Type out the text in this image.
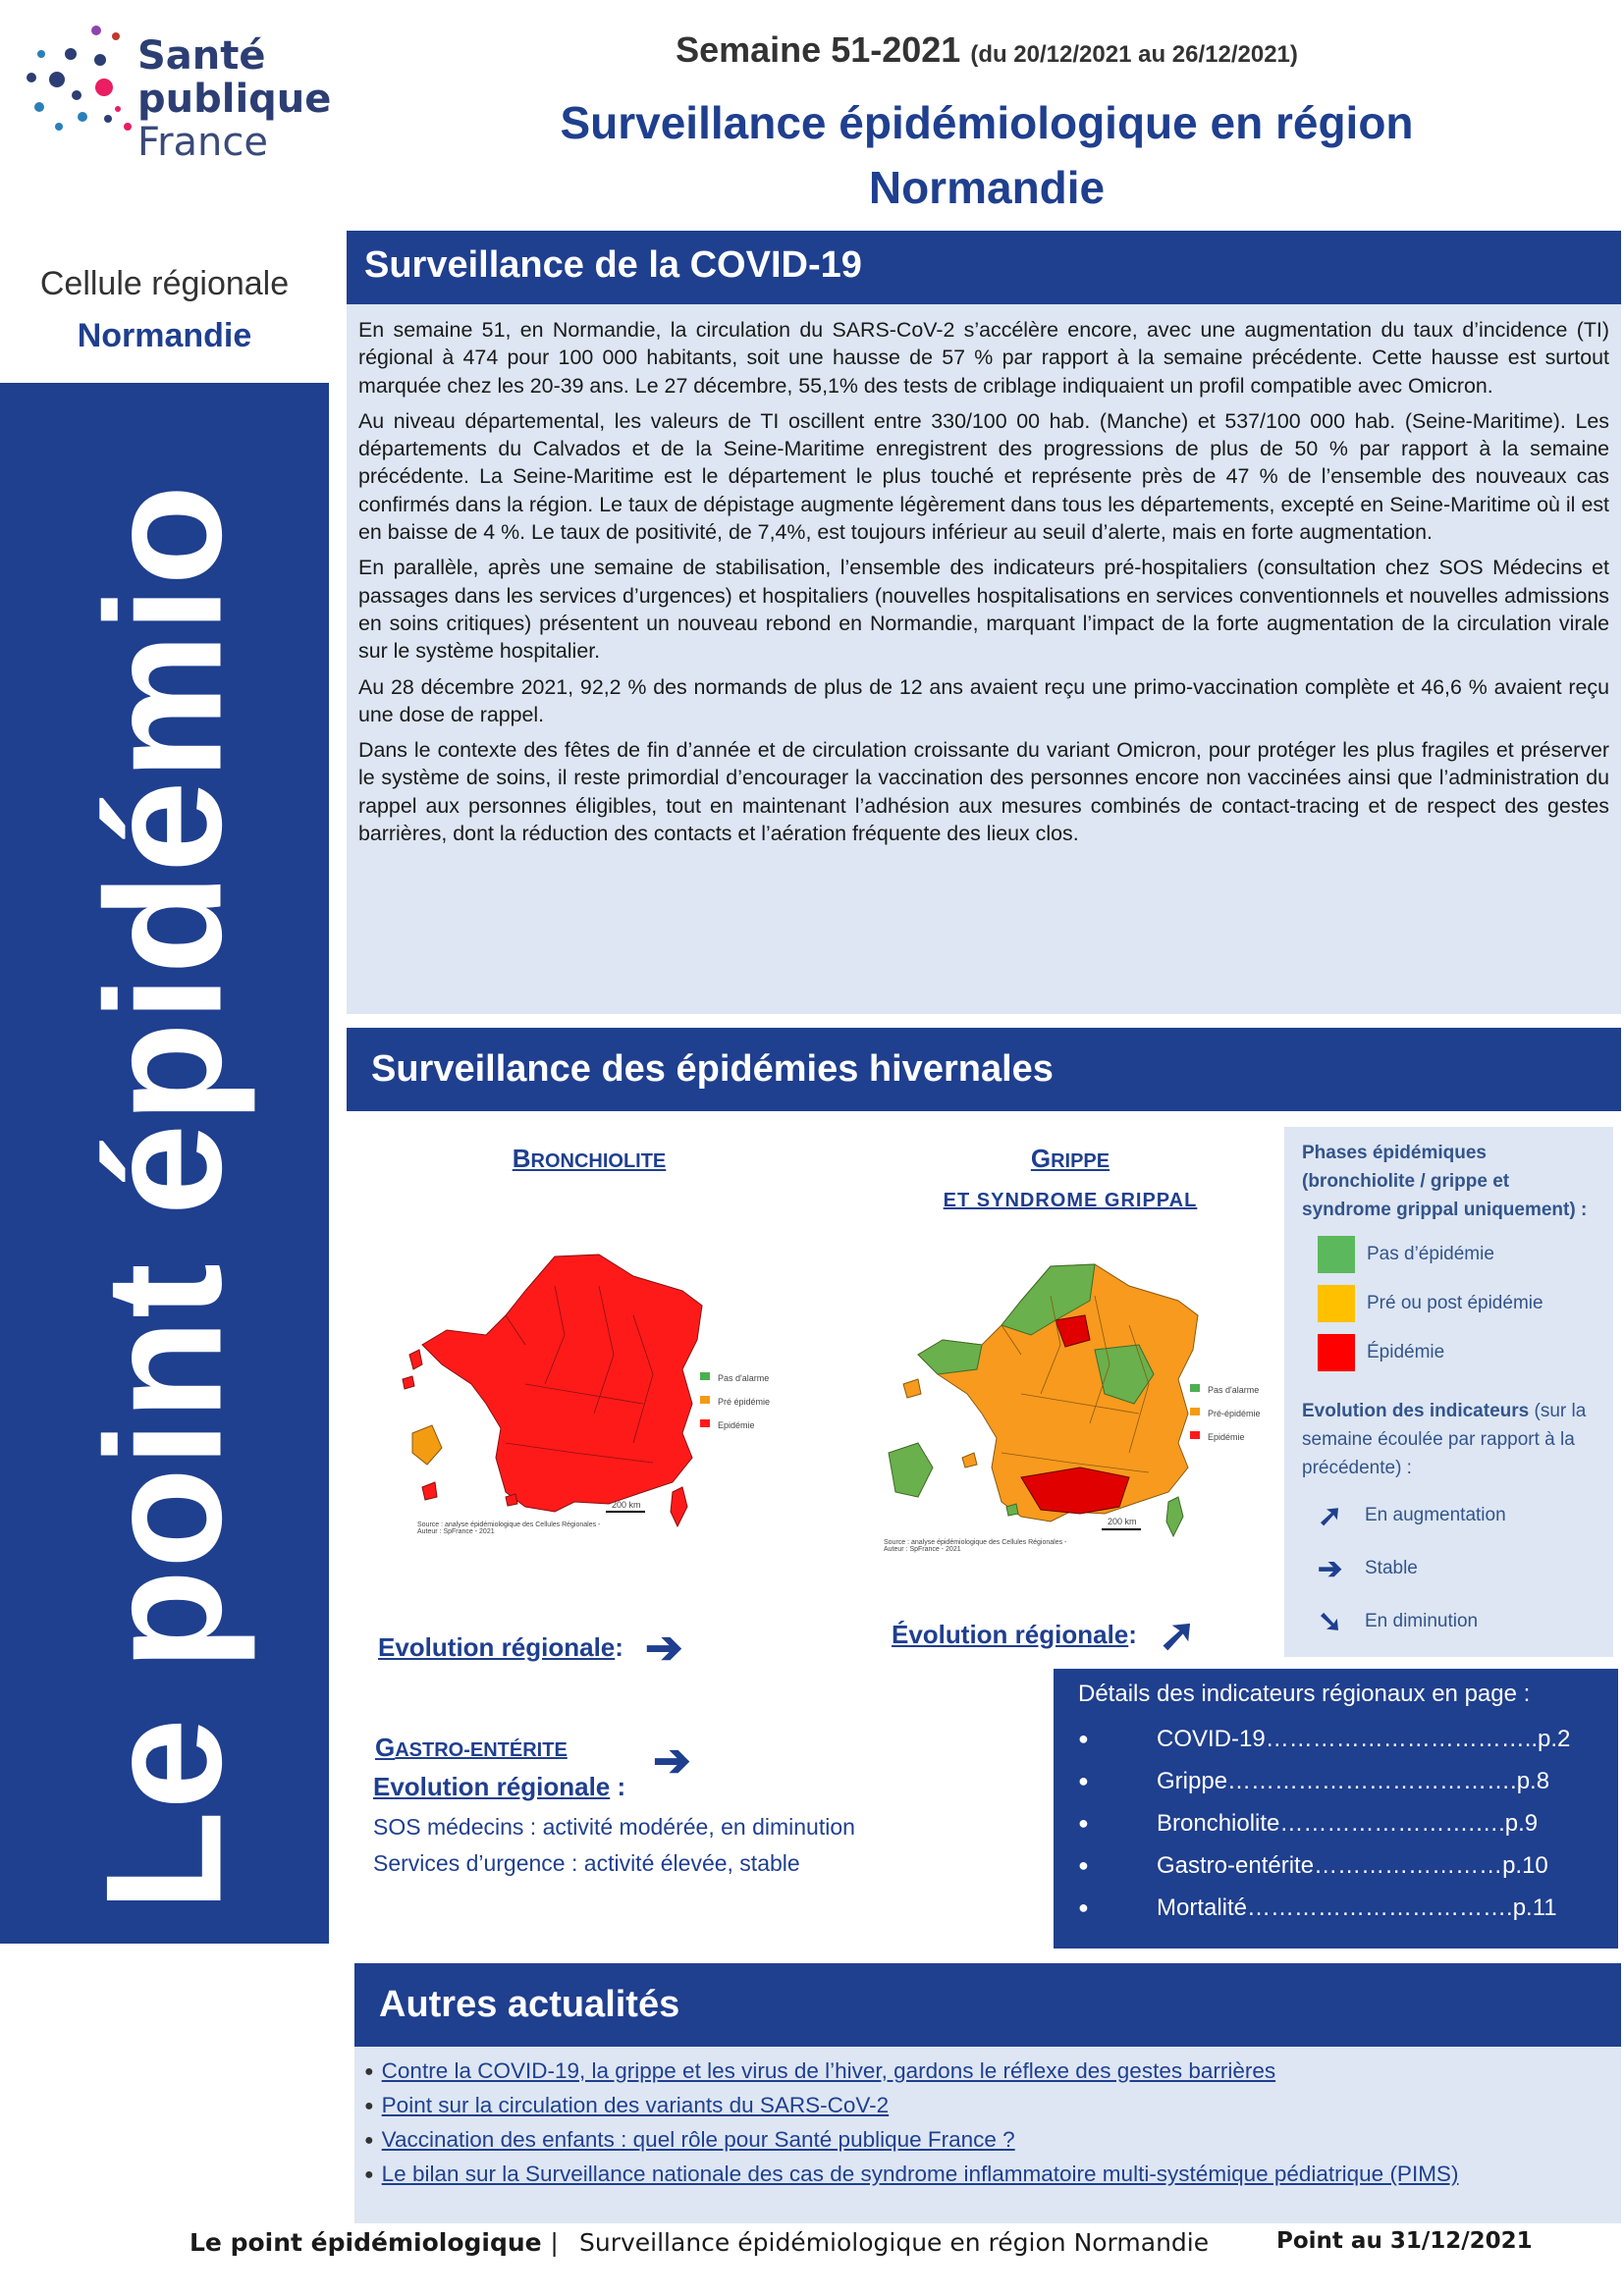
Santé
publique
France
Semaine 51-2021 (du 20/12/2021 au 26/12/2021)
Surveillance épidémiologique en région
Normandie
Cellule régionale
Normandie
Le point épidémio
Surveillance de la COVID-19

En semaine 51, en Normandie, la circulation du SARS-CoV-2 s’accélère encore, avec une augmentation du taux d’incidence (TI) régional à 474 pour 100 000 habitants, soit une hausse de 57 % par rapport à la semaine précédente. Cette hausse est surtout marquée chez les 20-39 ans. Le 27 décembre, 55,1% des tests de criblage indiquaient un profil compatible avec Omicron.

Au niveau départemental, les valeurs de TI oscillent entre 330/100 00 hab. (Manche) et 537/100 000 hab. (Seine-Maritime). Les départements du Calvados et de la Seine-Maritime enregistrent des progressions de plus de 50 % par rapport à la semaine précédente. La Seine-Maritime est le département le plus touché et représente près de 47 % de l’ensemble des nouveaux cas confirmés dans la région. Le taux de dépistage augmente légèrement dans tous les départements, excepté en Seine-Maritime où il est en baisse de 4 %. Le taux de positivité, de 7,4%, est toujours inférieur au seuil d’alerte, mais en forte augmentation.

En parallèle, après une semaine de stabilisation, l’ensemble des indicateurs pré-hospitaliers (consultation chez SOS Médecins et passages dans les services d’urgences) et hospitaliers (nouvelles hospitalisations en services conventionnels et nouvelles admissions en soins critiques) présentent un nouveau rebond en Normandie, marquant l’impact de la forte augmentation de la circulation virale sur le système hospitalier.

Au 28 décembre 2021, 92,2 % des normands de plus de 12 ans avaient reçu une primo-vaccination complète et 46,6 % avaient reçu une dose de rappel.

Dans le contexte des fêtes de fin d’année et de circulation croissante du variant Omicron, pour protéger les plus fragiles et préserver le système de soins, il reste primordial d’encourager la vaccination des personnes encore non vaccinées ainsi que l’administration du rappel aux personnes éligibles, tout en maintenant l’adhésion aux mesures combinés de contact-tracing et de respect des gestes barrières, dont la réduction des contacts et l’aération fréquente des lieux clos.

Surveillance des épidémies hivernales
BRONCHIOLITE
Pas d'alarme
Pré épidémie
Epidémie
200 km
Source : analyse épidémiologique des Cellules Régionales - Auteur : SpFrance - 2021
GRIPPE
ET SYNDROME GRIPPAL
Pas d'alarme
Pré-épidémie
Epidémie
200 km
Source : analyse épidémiologique des Cellules Régionales - Auteur : SpFrance - 2021
Evolution régionale : ➔	Évolution régionale : ➚
GASTRO-ENTÉRITE	➔
Evolution régionale :
SOS médecins : activité modérée, en diminution
Services d’urgence : activité élevée, stable
Phases épidémiques (bronchiolite / grippe et syndrome grippal uniquement) :
Pas d’épidémie
Pré ou post épidémie
Épidémie
Evolution des indicateurs (sur la semaine écoulée par rapport à la précédente) :
➚	En augmentation
➔	Stable
➘	En diminution
Détails des indicateurs régionaux en page :
●	COVID-19……………………………..p.2
●	Grippe……………………………….p.8
●	Bronchiolite…………………….….p.9
●	Gastro-entérite……………………p.10
●	Mortalité…………………………….p.11
Autres actualités
● Contre la COVID-19, la grippe et les virus de l’hiver, gardons le réflexe des gestes barrières
● Point sur la circulation des variants du SARS-CoV-2
● Vaccination des enfants : quel rôle pour Santé publique France ?
● Le bilan sur la Surveillance nationale des cas de syndrome inflammatoire multi-systémique pédiatrique (PIMS)
Le point épidémiologique | Surveillance épidémiologique en région Normandie	Point au 31/12/2021
